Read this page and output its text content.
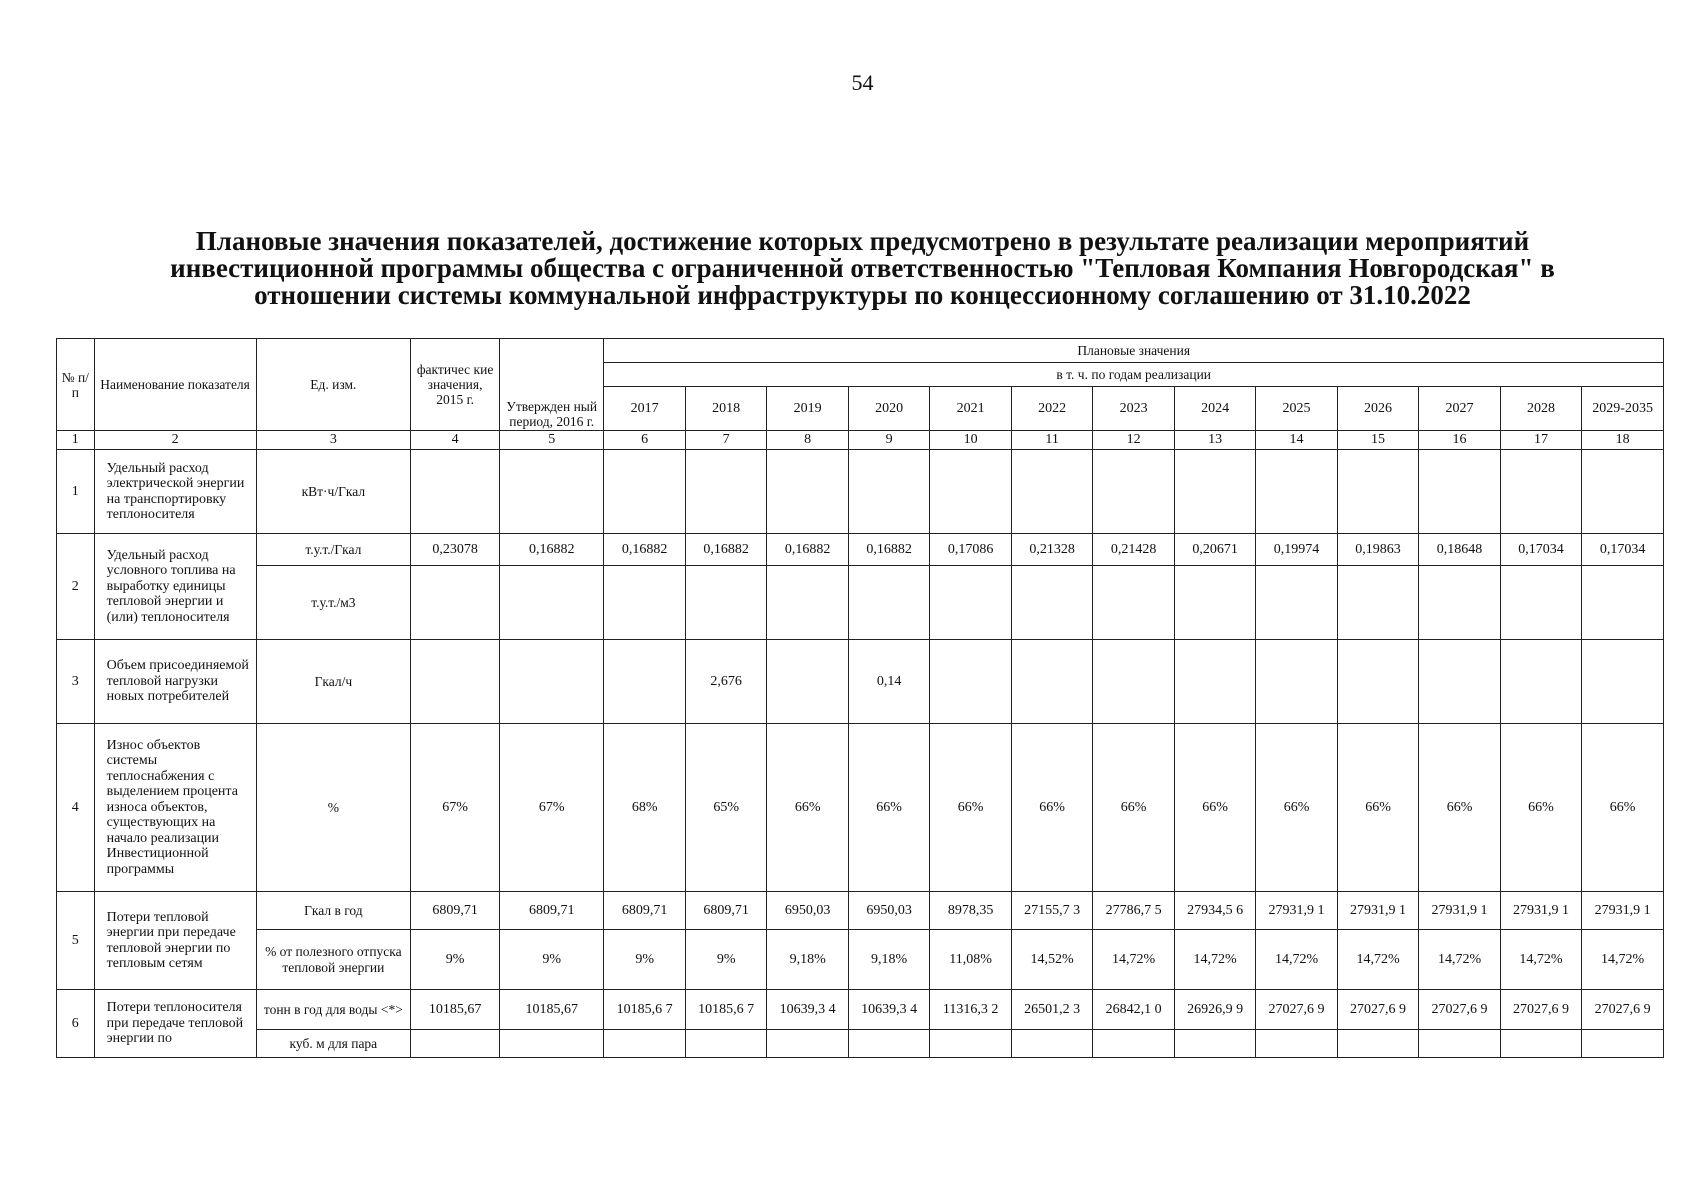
54
Плановые значения показателей, достижение которых предусмотрено в результате реализации мероприятий
инвестиционной программы общества с ограниченной ответственностью "Тепловая Компания Новгородская" в
отношении системы коммунальной инфраструктуры по концессионному соглашению от 31.10.2022
№ п/ п	Наименование показателя	Ед. изм.	фактичес кие значения, 2015 г.	Утвержден ный период, 2016 г.	Плановые значения												
					в т. ч. по годам реализации												
					2017	2018	2019	2020	2021	2022	2023	2024	2025	2026	2027	2028	2029-2035
1	2	3	4	5	6	7	8	9	10	11	12	13	14	15	16	17	18
1	Удельный расход электрической энергии на транспортировку теплоносителя	кВт·ч/Гкал															
2	Удельный расход условного топлива на выработку единицы тепловой энергии и (или) теплоносителя	т.у.т./Гкал	0,23078	0,16882	0,16882	0,16882	0,16882	0,16882	0,17086	0,21328	0,21428	0,20671	0,19974	0,19863	0,18648	0,17034	0,17034
		т.у.т./м3															
3	Объем присоединяемой тепловой нагрузки новых потребителей	Гкал/ч				2,676		0,14									
4	Износ объектов системы теплоснабжения с выделением процента износа объектов, существующих на начало реализации Инвестиционной программы	%	67%	67%	68%	65%	66%	66%	66%	66%	66%	66%	66%	66%	66%	66%	66%
5	Потери тепловой энергии при передаче тепловой энергии по тепловым сетям	Гкал в год	6809,71	6809,71	6809,71	6809,71	6950,03	6950,03	8978,35	27155,7 3	27786,7 5	27934,5 6	27931,9 1	27931,9 1	27931,9 1	27931,9 1	27931,9 1
		% от полезного отпуска тепловой энергии	9%	9%	9%	9%	9,18%	9,18%	11,08%	14,52%	14,72%	14,72%	14,72%	14,72%	14,72%	14,72%	14,72%
6	Потери теплоносителя при передаче тепловой энергии по	тонн в год для воды <*>	10185,67	10185,67	10185,6 7	10185,6 7	10639,3 4	10639,3 4	11316,3 2	26501,2 3	26842,1 0	26926,9 9	27027,6 9	27027,6 9	27027,6 9	27027,6 9	27027,6 9
		куб. м для пара															
